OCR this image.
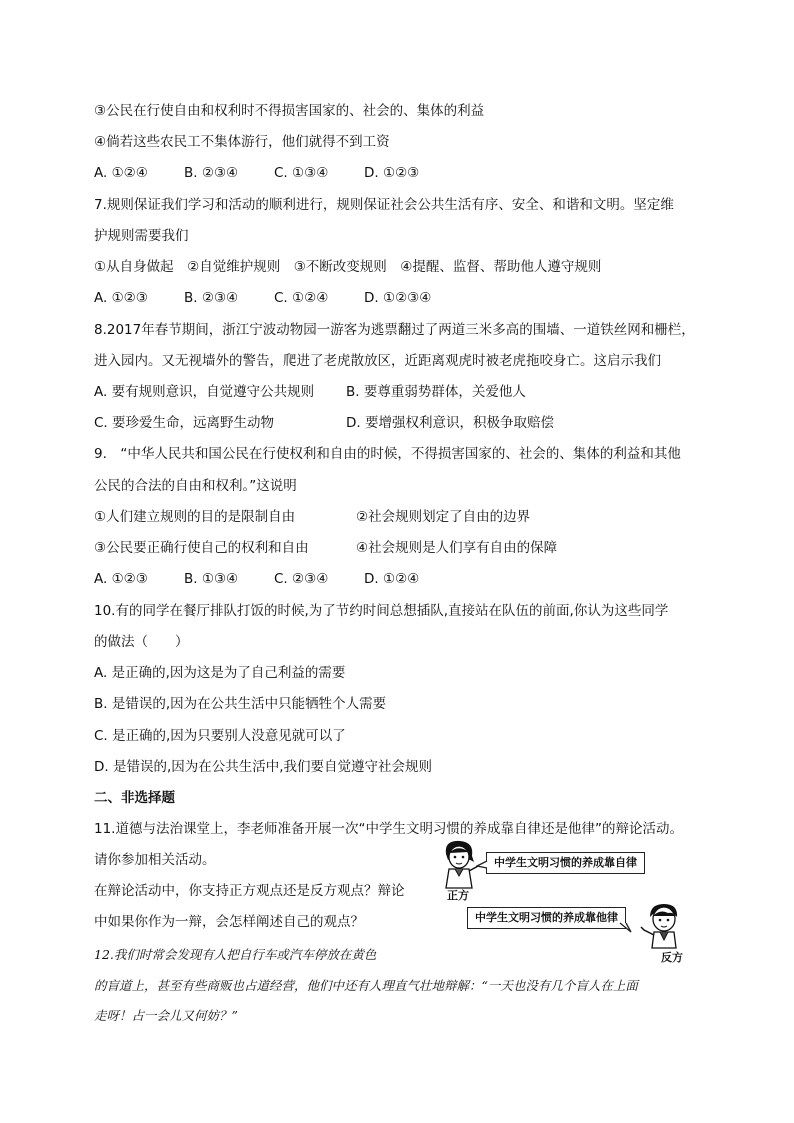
③公民在行使自由和权利时不得损害国家的、社会的、集体的利益
④倘若这些农民工不集体游行，他们就得不到工资
A. ①②④	B. ②③④	C. ①③④	D. ①②③
7.规则保证我们学习和活动的顺利进行，规则保证社会公共生活有序、安全、和谐和文明。坚定维
护规则需要我们
①从自身做起　②自觉维护规则　③不断改变规则　④提醒、监督、帮助他人遵守规则
A. ①②③	B. ②③④	C. ①②④	D. ①②③④
8.2017年春节期间，浙江宁波动物园一游客为逃票翻过了两道三米多高的围墙、一道铁丝网和栅栏，
进入园内。又无视墙外的警告，爬进了老虎散放区，近距离观虎时被老虎拖咬身亡。这启示我们
A. 要有规则意识，自觉遵守公共规则 B. 要尊重弱势群体，关爱他人
C. 要珍爱生命，远离野生动物	D. 要增强权利意识，积极争取赔偿
9.　“中华人民共和国公民在行使权利和自由的时候，不得损害国家的、社会的、集体的利益和其他
公民的合法的自由和权利。”这说明
①人们建立规则的目的是限制自由	②社会规则划定了自由的边界
③公民要正确行使自己的权利和自由	④社会规则是人们享有自由的保障
A. ①②③	B. ①③④	C. ②③④	D. ①②④
10.有的同学在餐厅排队打饭的时候,为了节约时间总想插队,直接站在队伍的前面,你认为这些同学
的做法（　　）
A. 是正确的,因为这是为了自己利益的需要
B. 是错误的,因为在公共生活中只能牺牲个人需要
C. 是正确的,因为只要别人没意见就可以了
D. 是错误的,因为在公共生活中,我们要自觉遵守社会规则
二、非选择题
11.道德与法治课堂上，李老师准备开展一次“中学生文明习惯的养成靠自律还是他律”的辩论活动。
请你参加相关活动。
在辩论活动中，你支持正方观点还是反方观点？辩论
中如果你作为一辩，会怎样阐述自己的观点？
正方
中学生文明习惯的养成靠自律
中学生文明习惯的养成靠他律
反方
12.我们时常会发现有人把自行车或汽车停放在黄色
的盲道上，甚至有些商贩也占道经营，他们中还有人理直气壮地辩解：“一天也没有几个盲人在上面
走呀！占一会儿又何妨？”
